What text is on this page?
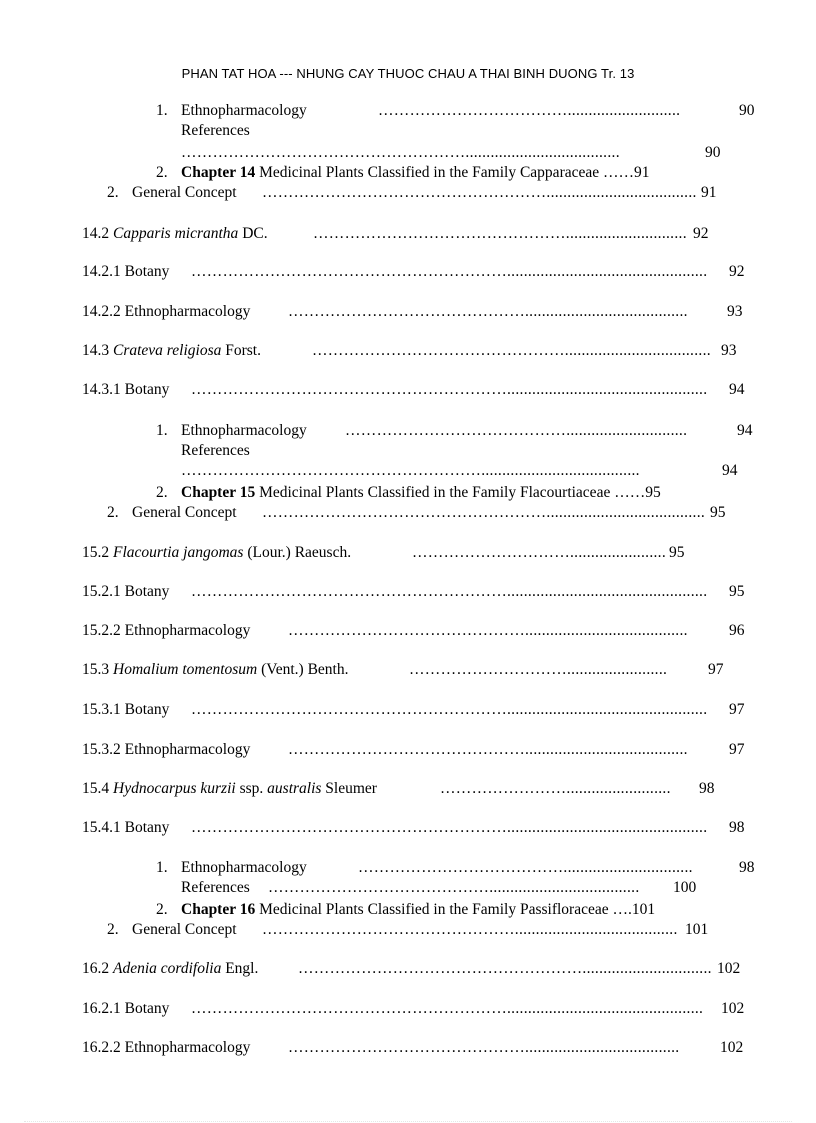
PHAN TAT HOA --- NHUNG CAY THUOC CHAU A THAI BINH DUONG Tr. 13
1. Ethnopharmacology	………………………………...........................	90
References
……………………………………………….....................................	90
2. Chapter 14 Medicinal Plants Classified in the Family Capparaceae ……91
2. General Concept ……………………………………………….................................... 91
14.2 Capparis micrantha DC.	…………………………………………............................. 92
14.2.1 Botany ……………………………………………………................................................ 92
14.2.2 Ethnopharmacology ……………………………………….......................................	93
14.3 Crateva religiosa Forst.	…………………………………………................................... 93
14.3.1 Botany ……………………………………………………................................................ 94
1. Ethnopharmacology …………………………………….............................	94
References
…………………………………………………......................................	94
2. Chapter 15 Medicinal Plants Classified in the Family Flacourtiaceae ……95
2. General Concept ………………………………………………...................................... 95
15.2 Flacourtia jangomas (Lour.) Raeusch.	…………………………....................... 95
15.2.1 Botany ……………………………………………………................................................ 95
15.2.2 Ethnopharmacology ……………………………………….......................................	96
15.3 Homalium tomentosum (Vent.) Benth.	…………………………........................	97
15.3.1 Botany ……………………………………………………................................................ 97
15.3.2 Ethnopharmacology ……………………………………….......................................	97
15.4 Hydnocarpus kurzii ssp. australis Sleumer	……………………......................... 98
15.4.1 Botany ……………………………………………………................................................ 98
1. Ethnopharmacology	…………………………………...............................	98
References …………………………………….................................... 100
2. Chapter 16 Medicinal Plants Classified in the Family Passifloraceae ….101
2. General Concept …………………………………………....................................... 101
16.2 Adenia cordifolia Engl.	………………………………………………............................... 102
16.2.1 Botany ……………………………………………………............................................... 102
16.2.2 Ethnopharmacology ……………………………………….....................................	102
